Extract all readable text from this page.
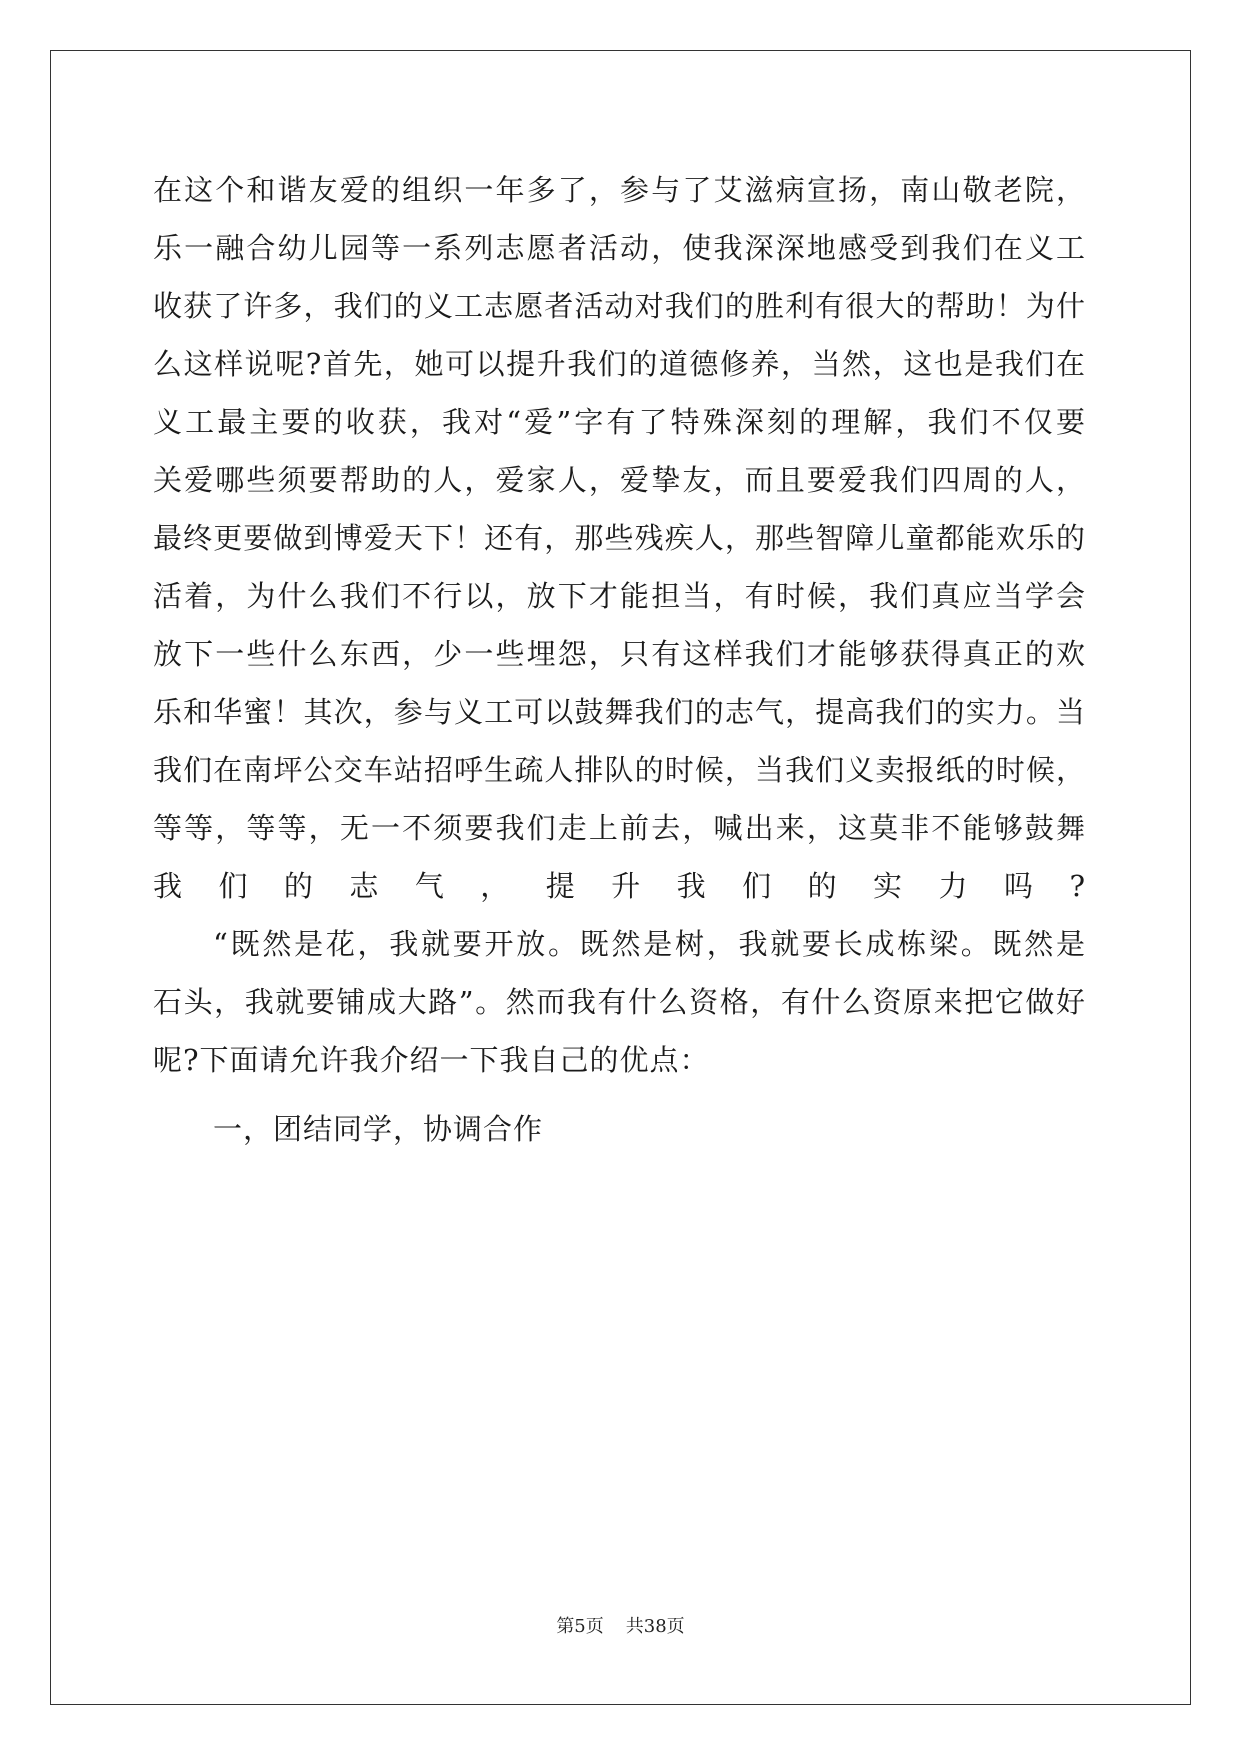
在这个和谐友爱的组织一年多了，参与了艾滋病宣扬，南山敬老院，
乐一融合幼儿园等一系列志愿者活动，使我深深地感受到我们在义工
收获了许多，我们的义工志愿者活动对我们的胜利有很大的帮助！为什
么这样说呢?首先，她可以提升我们的道德修养，当然，这也是我们在
义工最主要的收获，我对“爱”字有了特殊深刻的理解，我们不仅要
关爱哪些须要帮助的人，爱家人，爱挚友，而且要爱我们四周的人，
最终更要做到博爱天下！还有，那些残疾人，那些智障儿童都能欢乐的
活着，为什么我们不行以，放下才能担当，有时候，我们真应当学会
放下一些什么东西，少一些埋怨，只有这样我们才能够获得真正的欢
乐和华蜜！其次，参与义工可以鼓舞我们的志气，提高我们的实力。当
我们在南坪公交车站招呼生疏人排队的时候，当我们义卖报纸的时候，
等等，等等，无一不须要我们走上前去，喊出来，这莫非不能够鼓舞
我们的志气，提升我们的实力吗?
“既然是花，我就要开放。既然是树，我就要长成栋梁。既然是
石头，我就要铺成大路”。然而我有什么资格，有什么资原来把它做好
呢?下面请允许我介绍一下我自己的优点：
一，团结同学，协调合作
第5页 共38页
